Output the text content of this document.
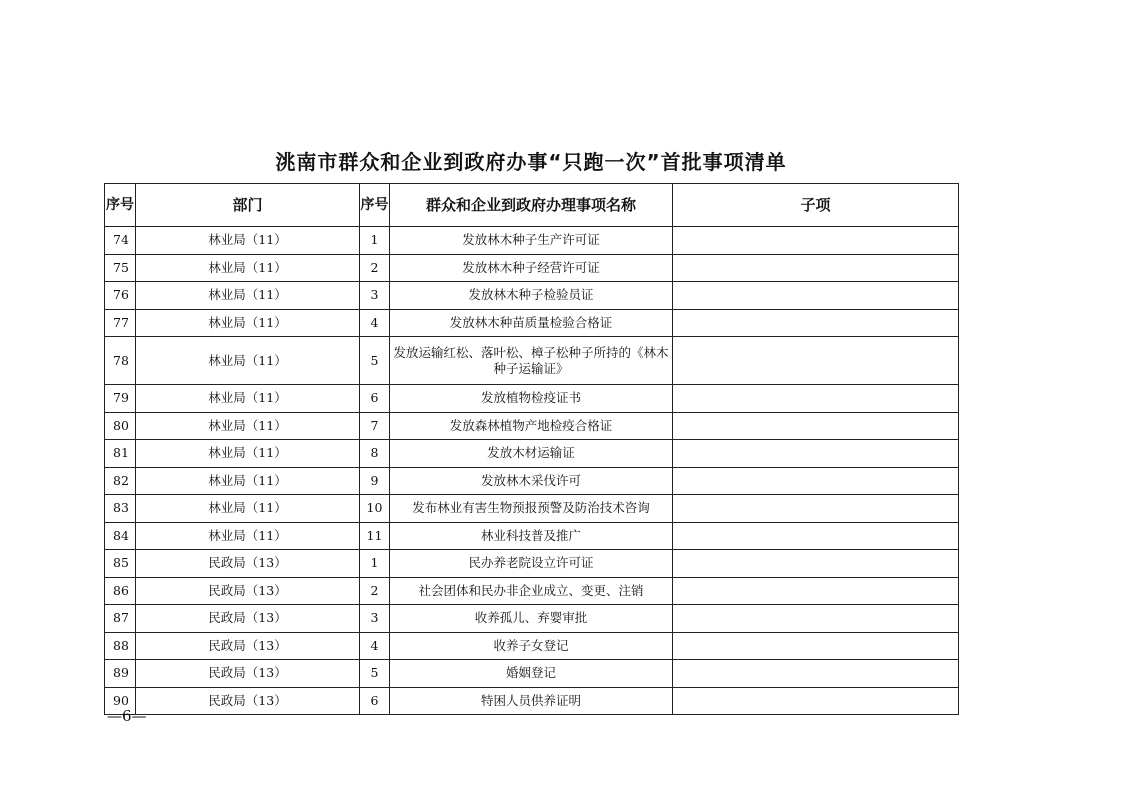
洮南市群众和企业到政府办事“只跑一次”首批事项清单
序号	部门	序号	群众和企业到政府办理事项名称	子项
74	林业局（11）	1	发放林木种子生产许可证	
75	林业局（11）	2	发放林木种子经营许可证	
76	林业局（11）	3	发放林木种子检验员证	
77	林业局（11）	4	发放林木种苗质量检验合格证	
78	林业局（11）	5	发放运输红松、落叶松、樟子松种子所持的《林木种子运输证》	
79	林业局（11）	6	发放植物检疫证书	
80	林业局（11）	7	发放森林植物产地检疫合格证	
81	林业局（11）	8	发放木材运输证	
82	林业局（11）	9	发放林木采伐许可	
83	林业局（11）	10	发布林业有害生物预报预警及防治技术咨询	
84	林业局（11）	11	林业科技普及推广	
85	民政局（13）	1	民办养老院设立许可证	
86	民政局（13）	2	社会团体和民办非企业成立、变更、注销	
87	民政局（13）	3	收养孤儿、弃婴审批	
88	民政局（13）	4	收养子女登记	
89	民政局（13）	5	婚姻登记	
90	民政局（13）	6	特困人员供养证明	
—6—
